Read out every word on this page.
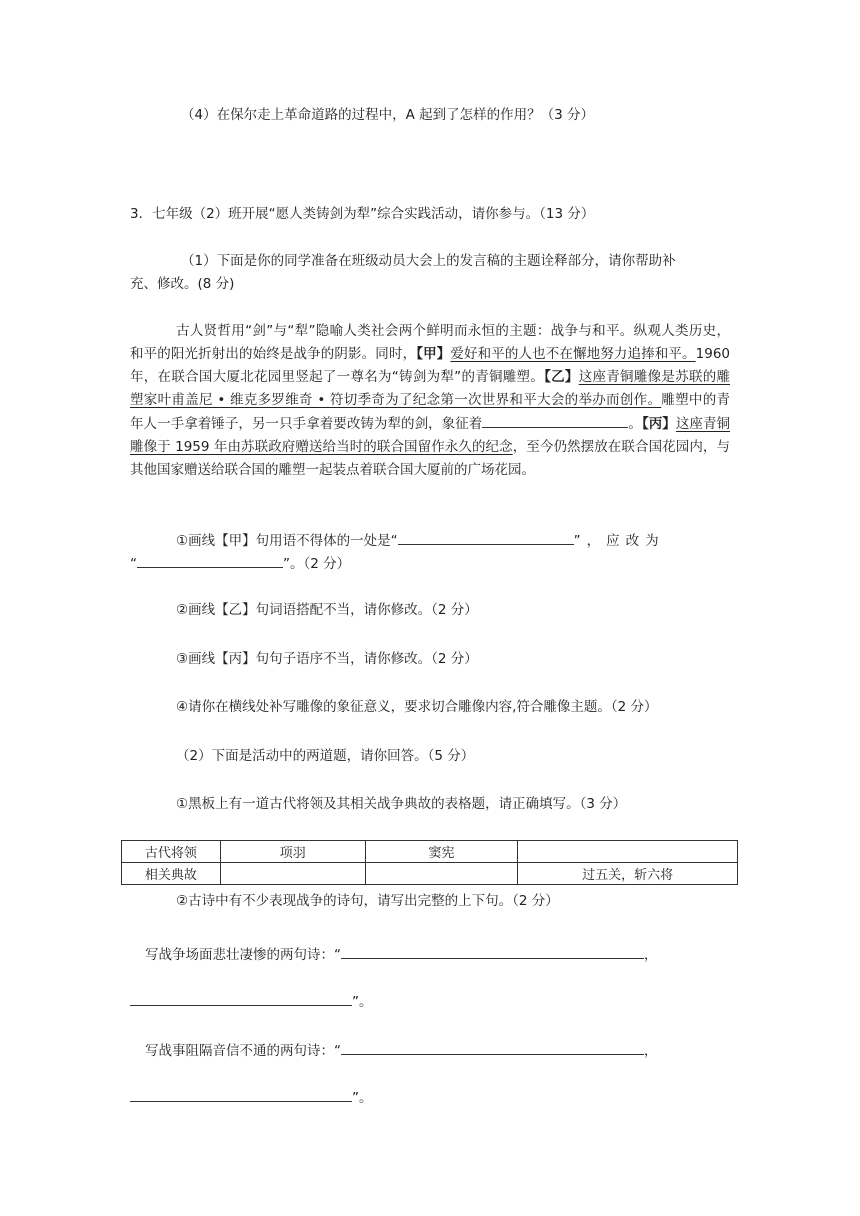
（4）在保尔走上革命道路的过程中，A 起到了怎样的作用？（3 分）
3．七年级（2）班开展“愿人类铸剑为犁”综合实践活动，请你参与。（13 分）
（1）下面是你的同学准备在班级动员大会上的发言稿的主题诠释部分，请你帮助补
充、修改。(8 分)
古人贤哲用“剑”与“犁”隐喻人类社会两个鲜明而永恒的主题：战争与和平。纵观人类历史，和平的阳光折射出的始终是战争的阴影。同时，【甲】爱好和平的人也不在懈地努力追捧和平。1960 年，在联合国大厦北花园里竖起了一尊名为“铸剑为犁”的青铜雕塑。【乙】这座青铜雕像是苏联的雕塑家叶甫盖尼 • 维克多罗维奇 • 符切季奇为了纪念第一次世界和平大会的举办而创作。雕塑中的青年人一手拿着锤子，另一只手拿着要改铸为犁的剑，象征着	。【丙】这座青铜雕像于 1959 年由苏联政府赠送给当时的联合国留作永久的纪念，至今仍然摆放在联合国花园内，与其他国家赠送给联合国的雕塑一起装点着联合国大厦前的广场花园。
①画线【甲】句用语不得体的一处是“	”，应改为
“	”。（2 分）
②画线【乙】句词语搭配不当，请你修改。（2 分）
③画线【丙】句句子语序不当，请你修改。（2 分）
④请你在横线处补写雕像的象征意义，要求切合雕像内容,符合雕像主题。（2 分）
（2）下面是活动中的两道题，请你回答。（5 分）
①黑板上有一道古代将领及其相关战争典故的表格题，请正确填写。（3 分）
古代将领	项羽	窦宪	
相关典故			过五关，斩六将
②古诗中有不少表现战争的诗句，请写出完整的上下句。（2 分）
写战争场面悲壮凄惨的两句诗：“	，
”。
写战事阻隔音信不通的两句诗：“	，
”。
